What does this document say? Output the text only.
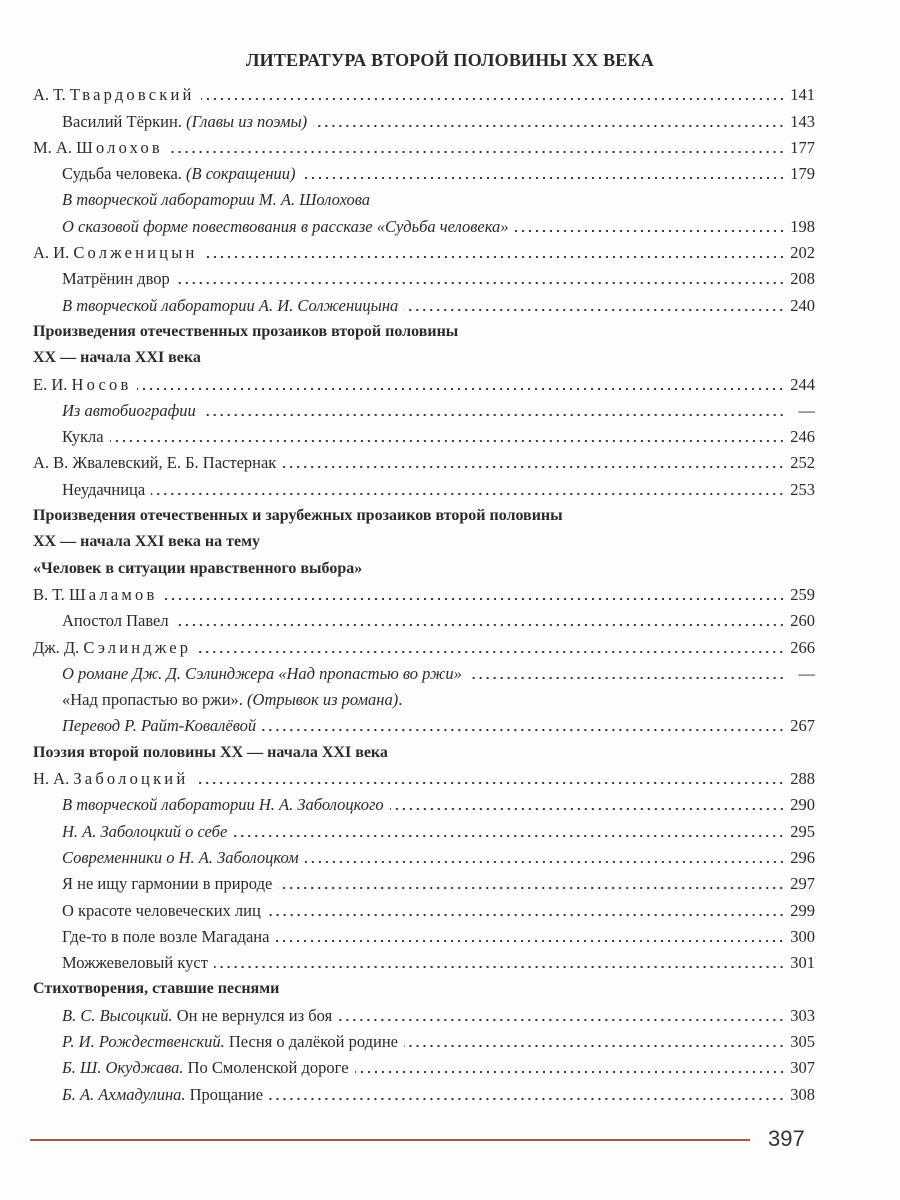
ЛИТЕРАТУРА ВТОРОЙ ПОЛОВИНЫ XX ВЕКА
А. Т. Твардовский	141
Василий Тёркин. (Главы из поэмы)	143
М. А. Шолохов	177
Судьба человека. (В сокращении)	179
В творческой лаборатории М. А. Шолохова
О сказовой форме повествования в рассказе «Судьба человека»	198
А. И. Солженицын	202
Матрёнин двор	208
В творческой лаборатории А. И. Солженицына	240
Произведения отечественных прозаиков второй половины
XX — начала XXI века
Е. И. Носов	244
Из автобиографии	—
Кукла	246
А. В. Жвалевский, Е. Б. Пастернак	252
Неудачница	253
Произведения отечественных и зарубежных прозаиков второй половины
XX — начала XXI века на тему
«Человек в ситуации нравственного выбора»
В. Т. Шаламов	259
Апостол Павел	260
Дж. Д. Сэлинджер	266
О романе Дж. Д. Сэлинджера «Над пропастью во ржи»	—
«Над пропастью во ржи». (Отрывок из романа).
Перевод Р. Райт-Ковалёвой	267
Поэзия второй половины XX — начала XXI века
Н. А. Заболоцкий	288
В творческой лаборатории Н. А. Заболоцкого	290
Н. А. Заболоцкий о себе	295
Современники о Н. А. Заболоцком	296
Я не ищу гармонии в природе	297
О красоте человеческих лиц	299
Где-то в поле возле Магадана	300
Можжевеловый куст	301
Стихотворения, ставшие песнями
В. С. Высоцкий. Он не вернулся из боя	303
Р. И. Рождественский. Песня о далёкой родине	305
Б. Ш. Окуджава. По Смоленской дороге	307
Б. А. Ахмадулина. Прощание	308
397
